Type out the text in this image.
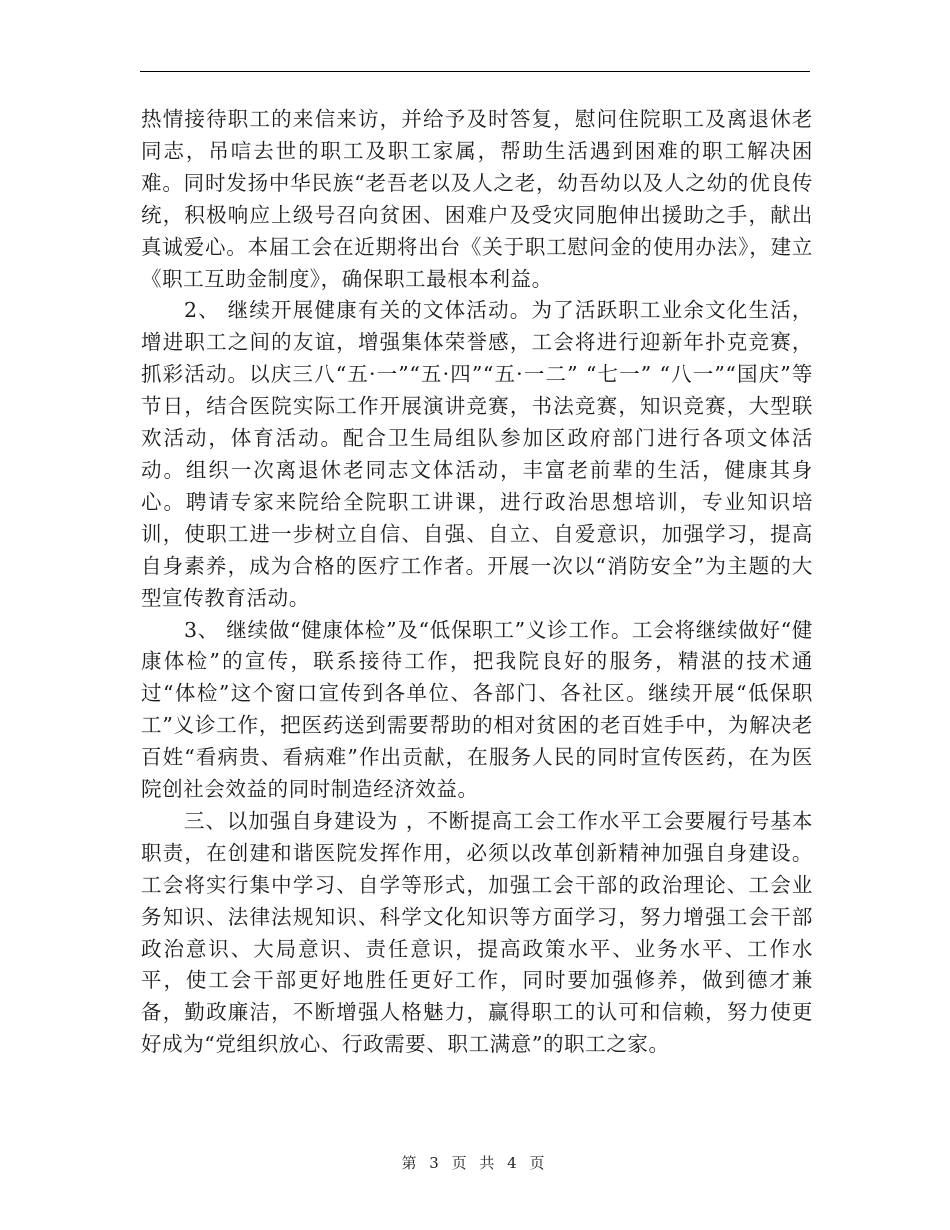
热情接待职工的来信来访，并给予及时答复，慰问住院职工及离退休老同志，吊唁去世的职工及职工家属，帮助生活遇到困难的职工解决困难。同时发扬中华民族“老吾老以及人之老，幼吾幼以及人之幼的优良传统，积极响应上级号召向贫困、困难户及受灾同胞伸出援助之手，献出真诚爱心。本届工会在近期将出台《关于职工慰问金的使用办法》，建立《职工互助金制度》，确保职工最根本利益。

2、 继续开展健康有关的文体活动。为了活跃职工业余文化生活，增进职工之间的友谊，增强集体荣誉感，工会将进行迎新年扑克竞赛，抓彩活动。以庆三八“五·一”“五·四”“五·一二” “七一” “八一”“国庆”等节日，结合医院实际工作开展演讲竞赛，书法竞赛，知识竞赛，大型联欢活动，体育活动。配合卫生局组队参加区政府部门进行各项文体活动。组织一次离退休老同志文体活动，丰富老前辈的生活，健康其身心。聘请专家来院给全院职工讲课，进行政治思想培训，专业知识培训，使职工进一步树立自信、自强、自立、自爱意识，加强学习，提高自身素养，成为合格的医疗工作者。开展一次以“消防安全”为主题的大型宣传教育活动。

3、 继续做“健康体检”及“低保职工”义诊工作。工会将继续做好“健康体检”的宣传，联系接待工作，把我院良好的服务，精湛的技术通过“体检”这个窗口宣传到各单位、各部门、各社区。继续开展“低保职工”义诊工作，把医药送到需要帮助的相对贫困的老百姓手中，为解决老百姓“看病贵、看病难”作出贡献，在服务人民的同时宣传医药，在为医院创社会效益的同时制造经济效益。

三、以加强自身建设为 ，不断提高工会工作水平工会要履行号基本职责，在创建和谐医院发挥作用，必须以改革创新精神加强自身建设。工会将实行集中学习、自学等形式，加强工会干部的政治理论、工会业务知识、法律法规知识、科学文化知识等方面学习，努力增强工会干部政治意识、大局意识、责任意识，提高政策水平、业务水平、工作水平，使工会干部更好地胜任更好工作，同时要加强修养，做到德才兼备，勤政廉洁，不断增强人格魅力，赢得职工的认可和信赖，努力使更好成为“党组织放心、行政需要、职工满意”的职工之家。

第 3 页 共 4 页
